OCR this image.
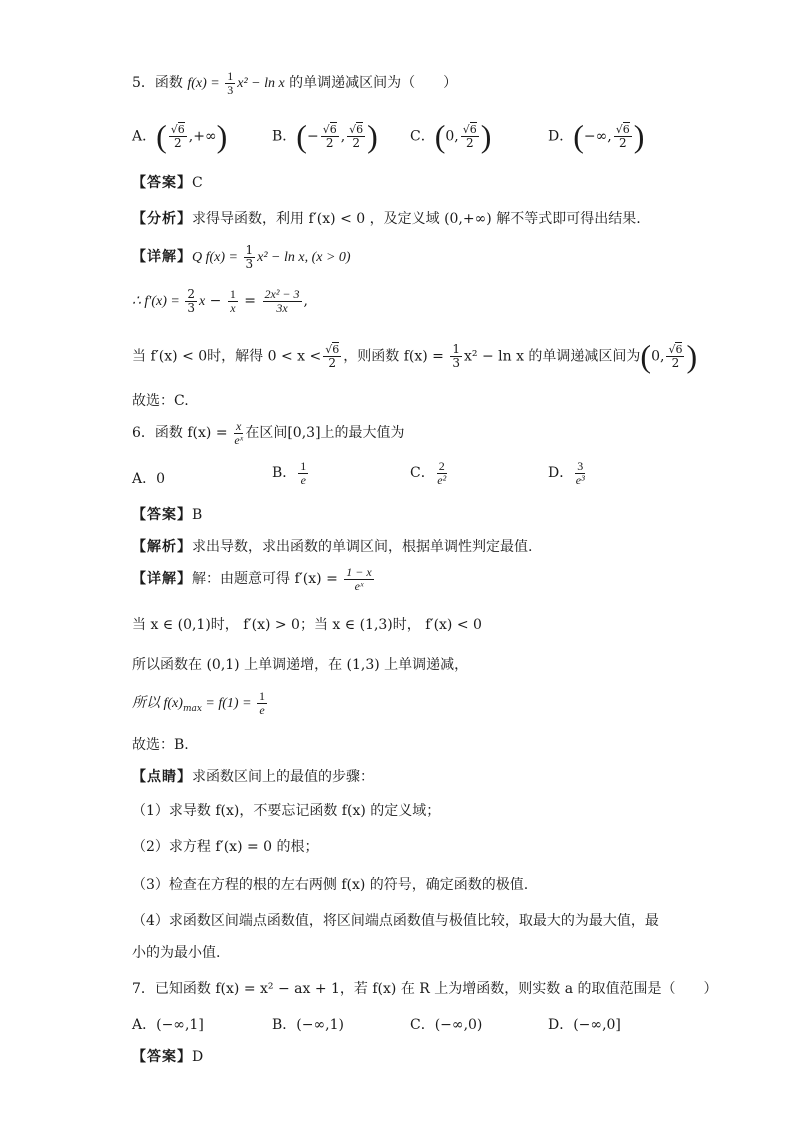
5．函数 $f(x) = \frac{1}{3} x^2 - \ln x$ 的单调递减区间为（　　）
A．( $\frac{√6}{2}$ ,+∞)	B．(− $\frac{√6}{2}$ , $\frac{√6}{2}$ ) C．(0, $\frac{√6}{2}$ )	D．(−∞, $\frac{√6}{2}$ )
【答案】C
【分析】求得导函数，利用 f′(x) < 0 ，及定义域 (0,+∞) 解不等式即可得出结果.
【详解】Q $f(x) = \frac{1}{3} x^2 - \ln x$, (x > 0)
∴ $f'(x) = \frac{2}{3}$ $x - \frac{1}{x} = \frac{\text{2x² − 3}}{3x}$ ,
当 f′(x) < 0时，解得 $0 < x < \frac{√6}{2}$ ，则函数 $f(x) = \frac{1}{3} x^2 - \ln x$ 的单调递减区间为(0, $\frac{√6}{2}$ )
故选：C.
6．函数 $f(x) = \frac{x}{\text{eˣ}}$ 在区间[0,3]上的最大值为
A．0	B． $\frac{1}{e}$	C． $\frac{2}{\text{e²}}$	D． $\frac{3}{\text{e³}}$
【答案】B
【解析】求出导数，求出函数的单调区间，根据单调性判定最值.
【详解】解：由题意可得 $f'(x) = \frac{1 - x}{\text{eˣ}}$
当 x ∈ (0,1)时， f′(x) > 0；当 x ∈ (1,3)时， f′(x) < 0
所以函数在 (0,1) 上单调递增，在 (1,3) 上单调递减，
所以 $f(x)_{max} = f(1) = \frac{1}{e}$
故选：B.
【点睛】求函数区间上的最值的步骤：
（1）求导数 f(x)，不要忘记函数 f(x) 的定义域；
（2）求方程 f′(x) = 0 的根；
（3）检查在方程的根的左右两侧 f(x) 的符号，确定函数的极值.
（4）求函数区间端点函数值，将区间端点函数值与极值比较，取最大的为最大值，最
小的为最小值.
7．已知函数 f(x) = x² − ax + 1，若 f(x) 在 R 上为增函数，则实数 a 的取值范围是（　　）
A．(−∞,1]	B．(−∞,1)	C．(−∞,0)	D．(−∞,0]
【答案】D
